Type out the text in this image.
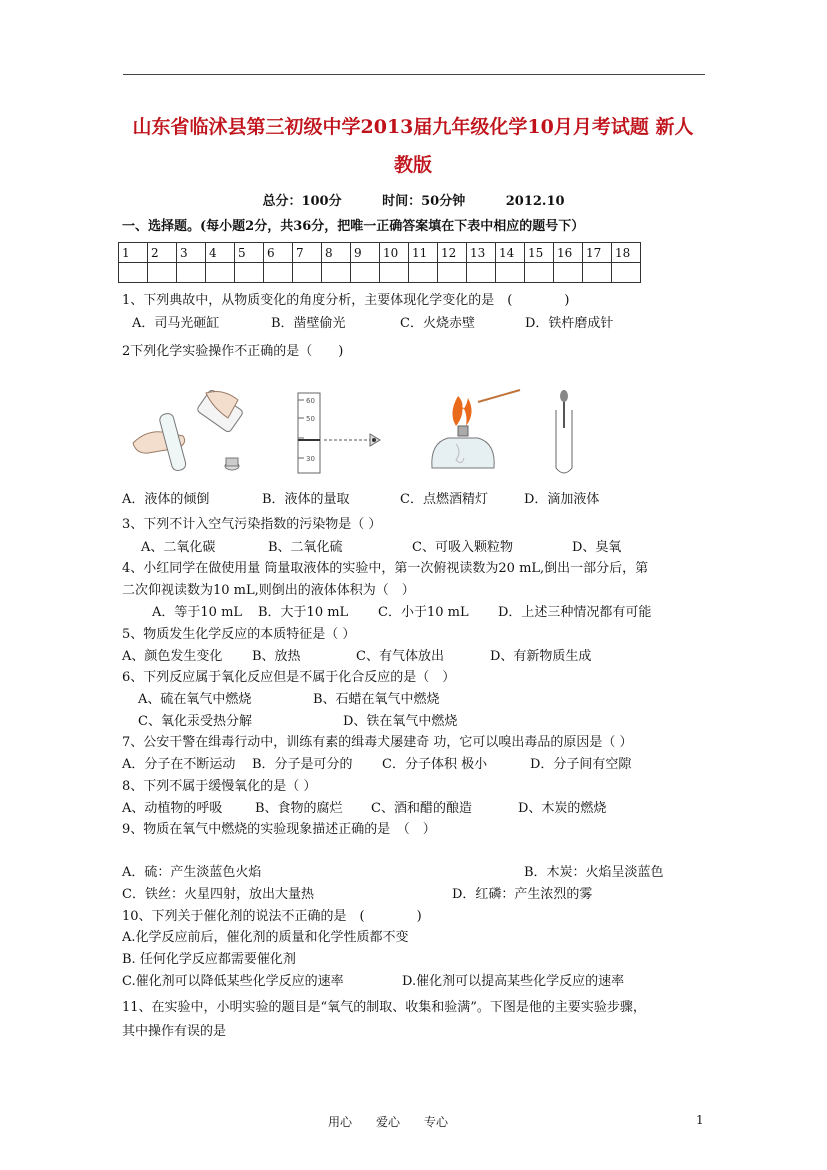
山东省临沭县第三初级中学2013届九年级化学10月月考试题 新人
教版
总分：100分	时间：50分钟	2012.10
一、选择题。(每小题2分，共36分，把唯一正确答案填在下表中相应的题号下）
1	2	3	4	5	6	7	8	9	10	11	12	13	14	15	16	17	18

1、下列典故中，从物质变化的角度分析，主要体现化学变化的是　(　　　　)
A．司马光砸缸	B．凿壁偷光	C．火烧赤壁	D．铁杵磨成针
2下列化学实验操作不正确的是（　　)
60
50
30
A．液体的倾倒	B．液体的量取	C．点燃酒精灯	D．滴加液体
3、下列不计入空气污染指数的污染物是（ ）
A、二氧化碳	B、二氧化硫	C、可吸入颗粒物	D、臭氧
4、小红同学在做使用量 筒量取液体的实验中，第一次俯视读数为20 mL,倒出一部分后，第
二次仰视读数为10 mL,则倒出的液体体积为（　）
A．等于10 mL B．大于10 mL C．小于10 mL D．上述三种情况都有可能
5、物质发生化学反应的本质特征是（ ）
A、颜色发生变化 B、放热	C、有气体放出	D、有新物质生成
6、下列反应属于氧化反应但是不属于化合反应的是（　）
A、硫在氧气中燃烧	B、石蜡在氧气中燃烧
C、氧化汞受热分解	D、铁在氧气中燃烧
7、公安干警在缉毒行动中，训练有素的缉毒犬屡建奇 功，它可以嗅出毒品的原因是（ ）
A．分子在不断运动 B．分子是可分的 C．分子体积 极小	D．分子间有空隙
8、下列不属于缓慢氧化的是（ ）
A、动植物的呼吸	B、食物的腐烂 C、酒和醋的酿造	D、木炭的燃烧
9、物质在氧气中燃烧的实验现象描述正确的是　（　）
A．硫：产生淡蓝色火焰	B．木炭：火焰呈淡蓝色
C．铁丝：火星四射，放出大量热	D．红磷：产生浓烈的雾
10、下列关于催化剂的说法不正确的是　(　　　　)
A.化学反应前后，催化剂的质量和化学性质都不变
B. 任何化学反应都需要催化剂
C.催化剂可以降低某些化学反应的速率	D.催化剂可以提高某些化学反应的速率
11、在实验中，小明实验的题目是“氧气的制取、收集和验满”。下图是他的主要实验步骤，
其中操作有误的是
用心　　爱心　　专心	1
